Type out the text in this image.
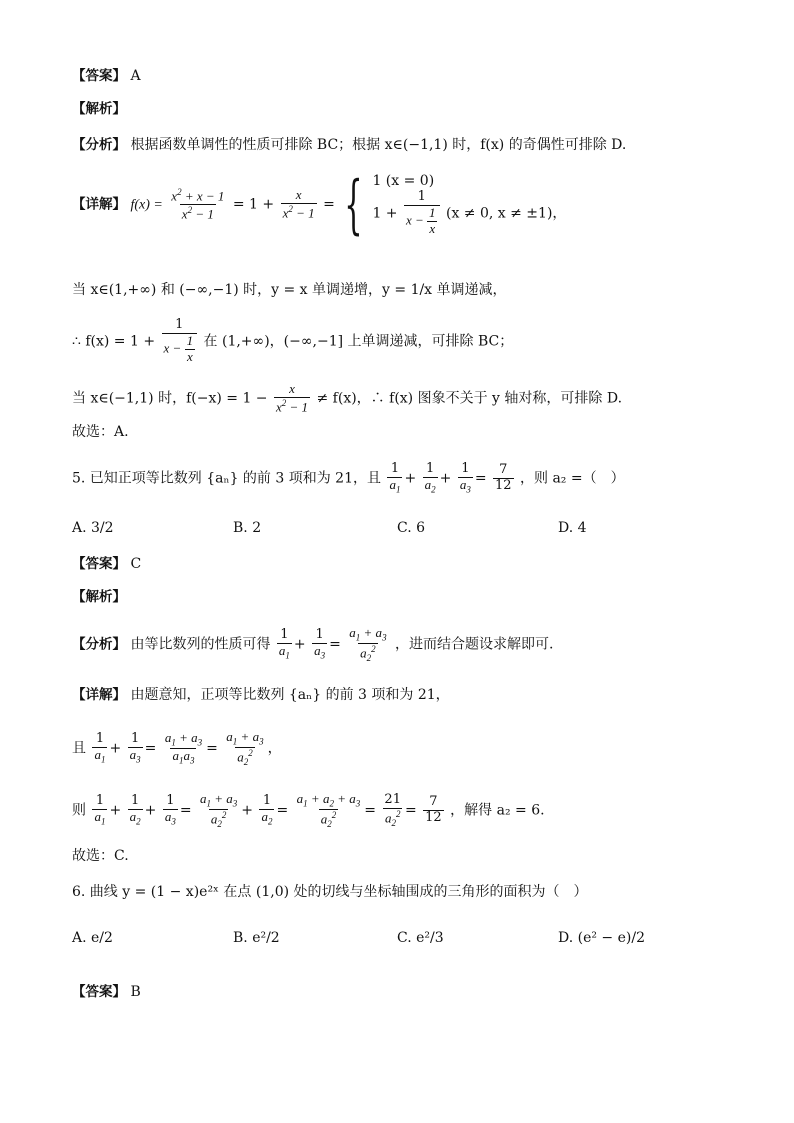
【答案】 A
【解析】
【分析】 根据函数单调性的性质可排除 BC；根据 x∈(−1,1) 时，f(x) 的奇偶性可排除 D.
【详解】 $f(x) = \frac{x^2 + x - 1}{x^2 - 1} = 1 + \frac{x}{x^2 - 1}$ = { 1 (x = 0)
$1 + \frac{1}{x - \frac{1}{x}} (x \ne 0$, x ≠ ±1)，
当 x∈(1,+∞) 和 (−∞,−1) 时，y = x 单调递增，y = 1/x 单调递减，
∴ $f(x) = 1 + \frac{1}{x - \frac{1}{x}}$ 在 (1,+∞)，(−∞,−1] 上单调递减，可排除 BC；
当 x∈(−1,1) 时，$f(-x) = 1 - \frac{x}{x^2 - 1} \ne f(x)$，∴ f(x) 图象不关于 y 轴对称，可排除 D.
故选：A.
5. 已知正项等比数列 {aₙ} 的前 3 项和为 21，且 $\frac{1}{a_1} + \frac{1}{a_2} + \frac{1}{a_3} = \frac{7}{12}$ ，则 a₂ =（　）
A. 3/2	B. 2	C. 6	D. 4
【答案】 C
【解析】
【分析】 由等比数列的性质可得 $\frac{1}{a_1} + \frac{1}{a_3} = \frac{a_1 + a_3}{a_2^2}$ ，进而结合题设求解即可.
【详解】 由题意知，正项等比数列 {aₙ} 的前 3 项和为 21，
且 $\frac{1}{a_1} + \frac{1}{a_3} = \frac{a_1 + a_3}{a_1a_3} = \frac{a_1 + a_3}{a_2^2}$ ，
则 $\frac{1}{a_1} + \frac{1}{a_2} + \frac{1}{a_3} = \frac{a_1 + a_3}{a_2^2} + \frac{1}{a_2} = \frac{a_1 + a_2 + a_3}{a_2^2} = \frac{21}{a_2^2} = \frac{7}{12}$ ，解得 a₂ = 6.
故选：C.
6. 曲线 y = (1 − x)e²ˣ 在点 (1,0) 处的切线与坐标轴围成的三角形的面积为（　）
A. e/2	B. e²/2	C. e²/3	D. (e² − e)/2
【答案】 B
